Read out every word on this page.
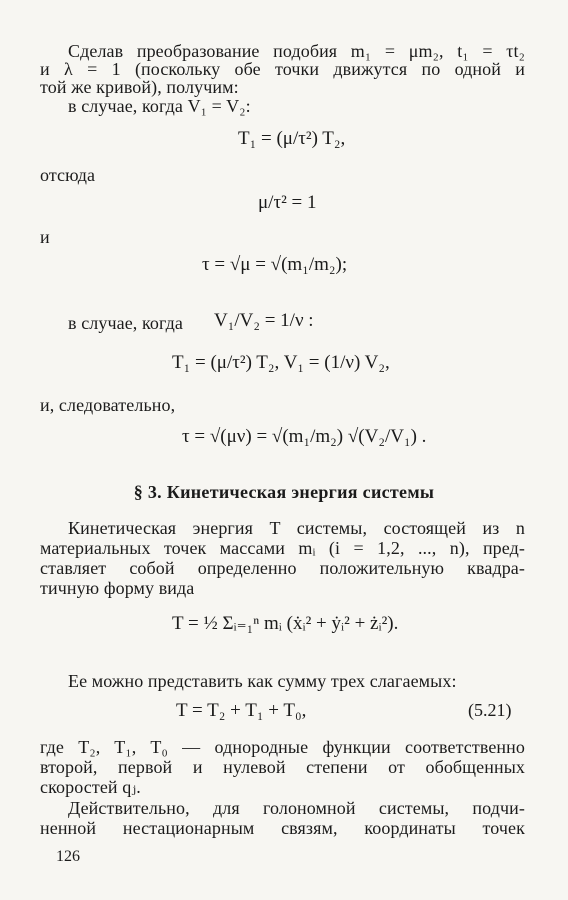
Сделав преобразование подобия m₁ = μm₂, t₁ = τt₂
и λ = 1 (поскольку обе точки движутся по одной и
той же кривой), получим:
в случае, когда V₁ = V₂:
T₁ = (μ/τ²) T₂,
отсюда
μ/τ² = 1
и
τ = √μ = √(m₁/m₂);
в случае, когда V₁/V₂ = 1/ν :
T₁ = (μ/τ²) T₂, V₁ = (1/ν) V₂,
и, следовательно,
τ = √(μν) = √(m₁/m₂) √(V₂/V₁) .
§ 3. Кинетическая энергия системы
Кинетическая энергия T системы, состоящей из n
материальных точек массами mᵢ (i = 1,2, ..., n), пред-
ставляет собой определенно положительную квадра-
тичную форму вида
T = ½ Σᵢ₌₁ⁿ mᵢ (ẋᵢ² + ẏᵢ² + żᵢ²).
Ее можно представить как сумму трех слагаемых:
T = T₂ + T₁ + T₀,	(5.21)
где T₂, T₁, T₀ — однородные функции соответственно
второй, первой и нулевой степени от обобщенных
скоростей qⱼ.
Действительно, для голономной системы, подчи-
ненной нестационарным связям, координаты точек
126
